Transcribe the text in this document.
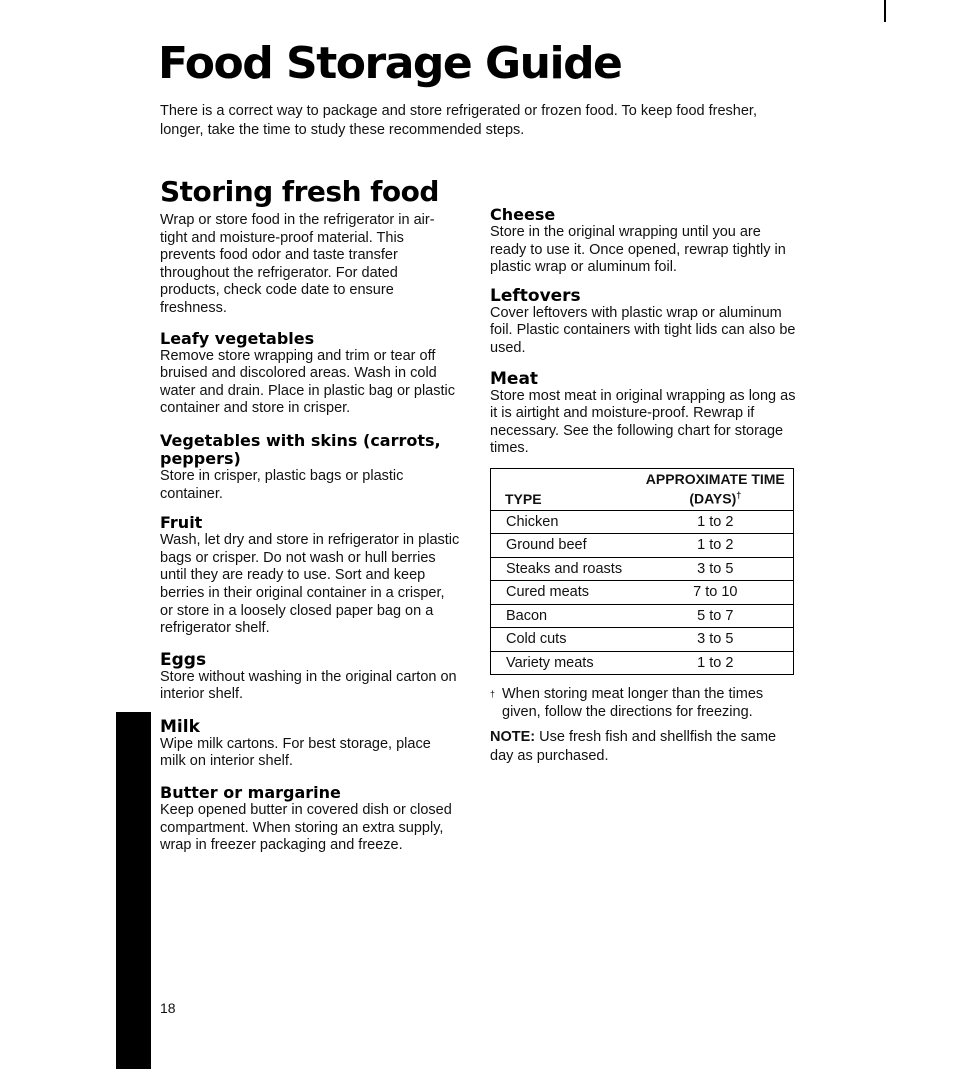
Food Storage Guide

There is a correct way to package and store refrigerated or frozen food. To keep food fresher, longer, take the time to study these recommended steps.

Storing fresh food

Wrap or store food in the refrigerator in air-tight and moisture-proof material. This prevents food odor and taste transfer throughout the refrigerator. For dated products, check code date to ensure freshness.

Leafy vegetables

Remove store wrapping and trim or tear off bruised and discolored areas. Wash in cold water and drain. Place in plastic bag or plastic container and store in crisper.

Vegetables with skins (carrots, peppers)

Store in crisper, plastic bags or plastic container.

Fruit

Wash, let dry and store in refrigerator in plastic bags or crisper. Do not wash or hull berries until they are ready to use. Sort and keep berries in their original container in a crisper, or store in a loosely closed paper bag on a refrigerator shelf.

Eggs

Store without washing in the original carton on interior shelf.

Milk

Wipe milk cartons. For best storage, place milk on interior shelf.

Butter or margarine

Keep opened butter in covered dish or closed compartment. When storing an extra supply, wrap in freezer packaging and freeze.

Cheese

Store in the original wrapping until you are ready to use it. Once opened, rewrap tightly in plastic wrap or aluminum foil.

Leftovers

Cover leftovers with plastic wrap or aluminum foil. Plastic containers with tight lids can also be used.

Meat

Store most meat in original wrapping as long as it is airtight and moisture-proof. Rewrap if necessary. See the following chart for storage times.

TYPE	APPROXIMATE TIME
(DAYS)†
Chicken	1 to 2
Ground beef	1 to 2
Steaks and roasts	3 to 5
Cured meats	7 to 10
Bacon	5 to 7
Cold cuts	3 to 5
Variety meats	1 to 2

† When storing meat longer than the times given, follow the directions for freezing.

NOTE: Use fresh fish and shellfish the same day as purchased.

18
